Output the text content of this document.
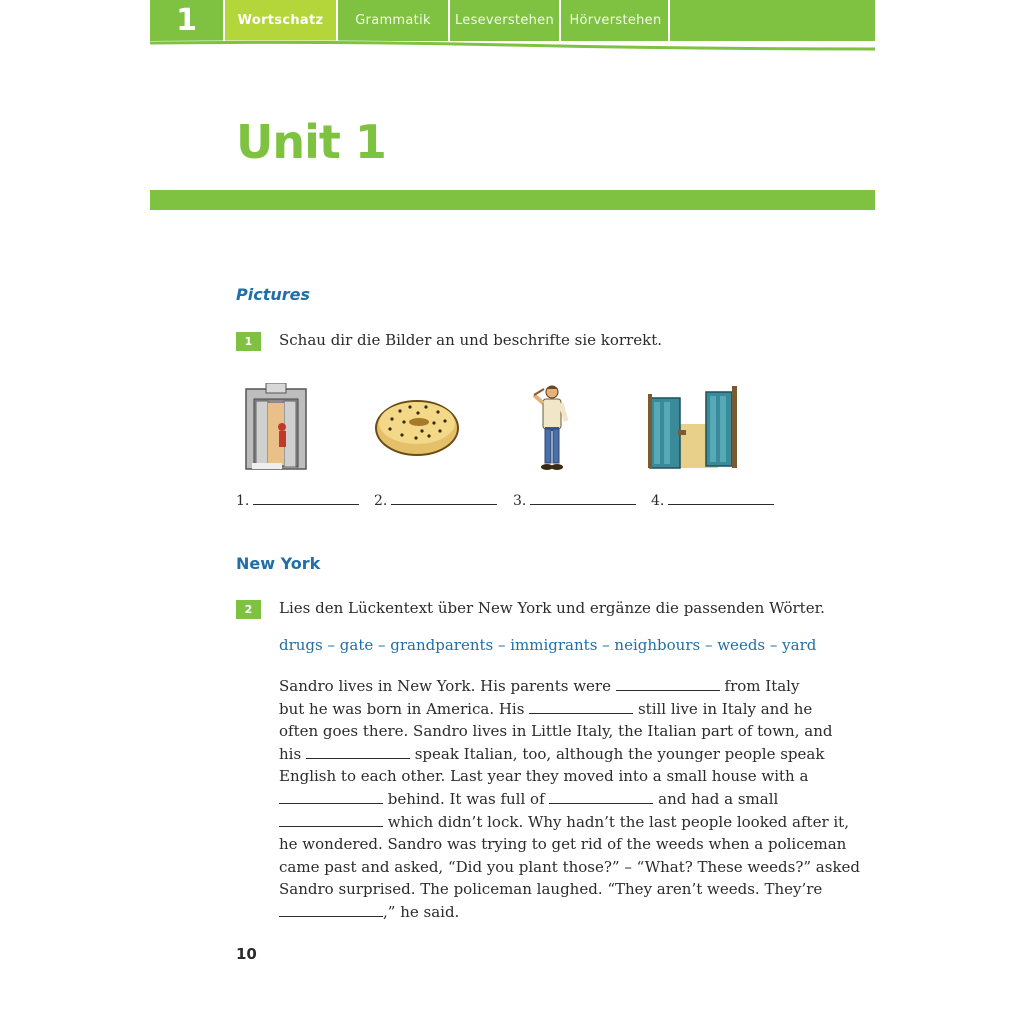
1	Wortschatz	Grammatik	Leseverstehen	Hörverstehen
Unit 1
Pictures
1	Schau dir die Bilder an und beschrifte sie korrekt.
1.	2.	3.	4.
New York
2	Lies den Lückentext über New York und ergänze die passenden Wörter.
drugs – gate – grandparents – immigrants – neighbours – weeds – yard

Sandro lives in New York. His parents were	from Italy

but he was born in America. His	still live in Italy and he

often goes there. Sandro lives in Little Italy, the Italian part of town, and

his	speak Italian, too, although the younger people speak

English to each other. Last year they moved into a small house with a

behind. It was full of	and had a small

which didn’t lock. Why hadn’t the last people looked after it,

he wondered. Sandro was trying to get rid of the weeds when a policeman

came past and asked, “Did you plant those?” – “What? These weeds?” asked

Sandro surprised. The policeman laughed. “They aren’t weeds. They’re

,” he said.

10
